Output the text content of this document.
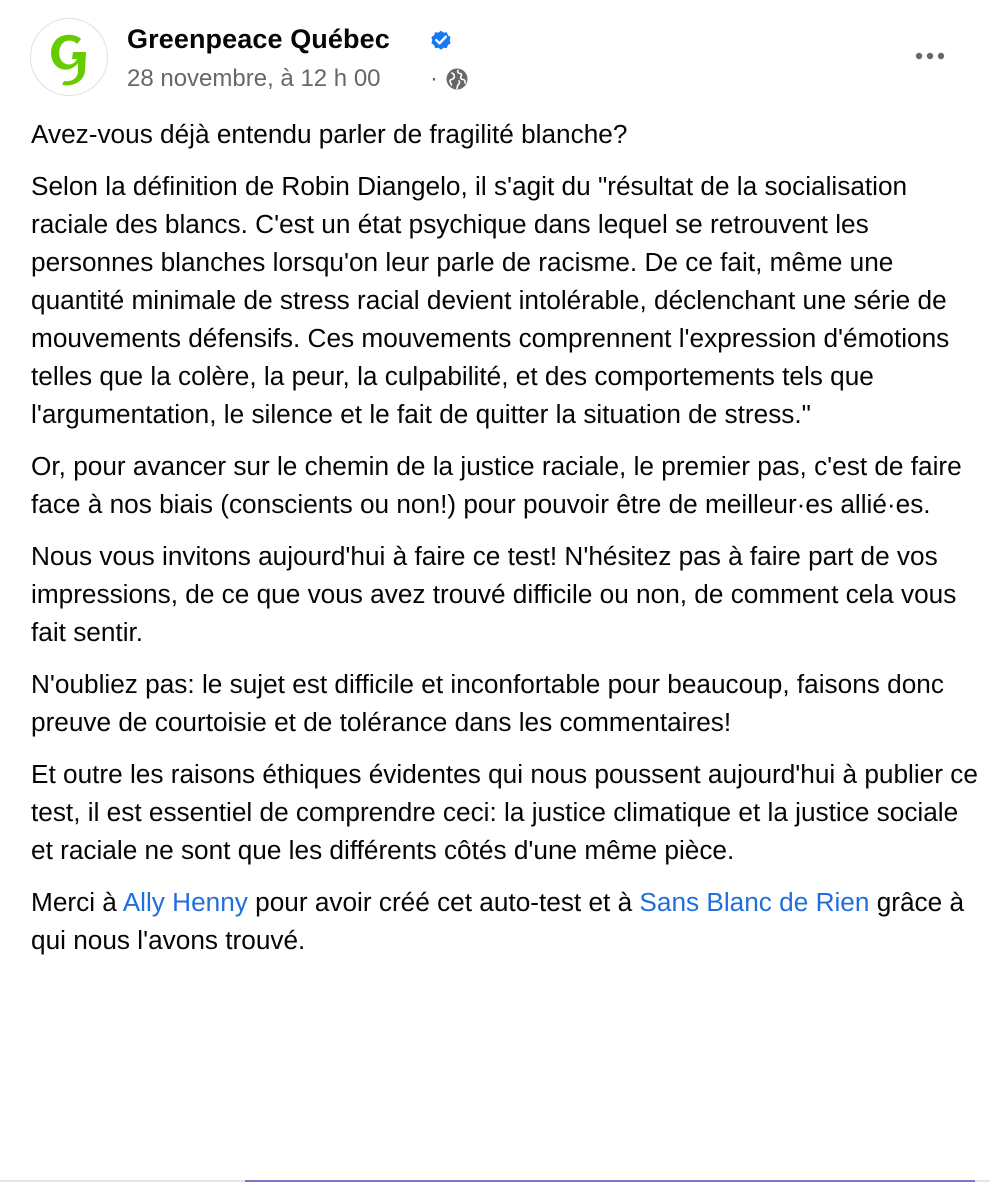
Greenpeace Québec
28 novembre, à 12 h 00 ·

Avez-vous déjà entendu parler de fragilité blanche?

Selon la définition de Robin Diangelo, il s'agit du "résultat de la socialisation raciale des blancs. C'est un état psychique dans lequel se retrouvent les personnes blanches lorsqu'on leur parle de racisme. De ce fait, même une quantité minimale de stress racial devient intolérable, déclenchant une série de mouvements défensifs. Ces mouvements comprennent l'expression d'émotions telles que la colère, la peur, la culpabilité, et des comportements tels que l'argumentation, le silence et le fait de quitter la situation de stress."

Or, pour avancer sur le chemin de la justice raciale, le premier pas, c'est de faire face à nos biais (conscients ou non!) pour pouvoir être de meilleur·es allié·es.

Nous vous invitons aujourd'hui à faire ce test! N'hésitez pas à faire part de vos impressions, de ce que vous avez trouvé difficile ou non, de comment cela vous fait sentir.

N'oubliez pas: le sujet est difficile et inconfortable pour beaucoup, faisons donc preuve de courtoisie et de tolérance dans les commentaires!

Et outre les raisons éthiques évidentes qui nous poussent aujourd'hui à publier ce test, il est essentiel de comprendre ceci: la justice climatique et la justice sociale et raciale ne sont que les différents côtés d'une même pièce.

Merci à Ally Henny pour avoir créé cet auto-test et à Sans Blanc de Rien grâce à qui nous l'avons trouvé.
